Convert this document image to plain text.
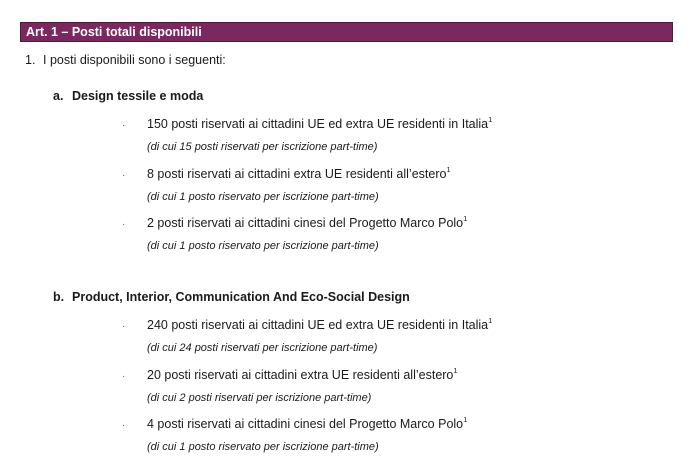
Art. 1 – Posti totali disponibili
1. I posti disponibili sono i seguenti:
a. Design tessile e moda
· 150 posti riservati ai cittadini UE ed extra UE residenti in Italia$^1$
(di cui 15 posti riservati per iscrizione part-time)
· 8 posti riservati ai cittadini extra UE residenti all’estero$^1$
(di cui 1 posto riservato per iscrizione part-time)
· 2 posti riservati ai cittadini cinesi del Progetto Marco Polo$^1$
(di cui 1 posto riservato per iscrizione part-time)
b. Product, Interior, Communication And Eco-Social Design
· 240 posti riservati ai cittadini UE ed extra UE residenti in Italia$^1$
(di cui 24 posti riservati per iscrizione part-time)
· 20 posti riservati ai cittadini extra UE residenti all’estero$^1$
(di cui 2 posti riservati per iscrizione part-time)
· 4 posti riservati ai cittadini cinesi del Progetto Marco Polo$^1$
(di cui 1 posto riservato per iscrizione part-time)
